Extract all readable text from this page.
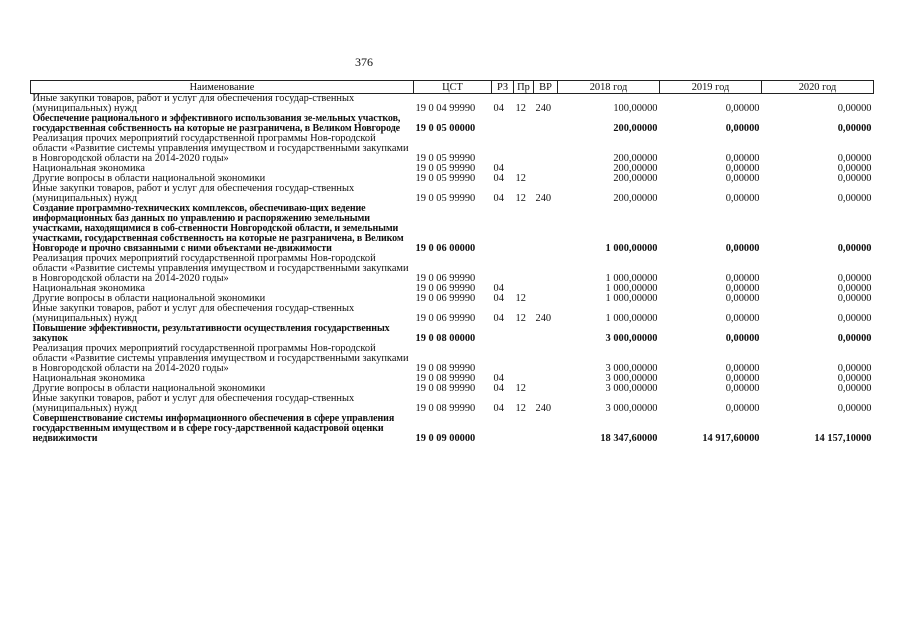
376
Наименование	ЦСТ	РЗ	Пр	ВР	2018 год	2019 год	2020 год
Иные закупки товаров, работ и услуг для обеспечения государ-ственных (муниципальных) нужд	19 0 04 99990	04	12	240	100,00000	0,00000	0,00000
Обеспечение рационального и эффективного использования зе-мельных участков, государственная собственность на которые не разграничена, в Великом Новгороде	19 0 05 00000				200,00000	0,00000	0,00000
Реализация прочих мероприятий государственной программы Нов-городской области «Развитие системы управления имуществом и государственными закупками в Новгородской области на 2014-2020 годы»	19 0 05 99990				200,00000	0,00000	0,00000
Национальная экономика	19 0 05 99990	04			200,00000	0,00000	0,00000
Другие вопросы в области национальной экономики	19 0 05 99990	04	12		200,00000	0,00000	0,00000
Иные закупки товаров, работ и услуг для обеспечения государ-ственных (муниципальных) нужд	19 0 05 99990	04	12	240	200,00000	0,00000	0,00000
Создание программно-технических комплексов, обеспечиваю-щих ведение информационных баз данных по управлению и распоряжению земельными участками, находящимися в соб-ственности Новгородской области, и земельными участками, государственная собственность на которые не разграничена, в Великом Новгороде и прочно связанными с ними объектами не-движимости	19 0 06 00000				1 000,00000	0,00000	0,00000
Реализация прочих мероприятий государственной программы Нов-городской области «Развитие системы управления имуществом и государственными закупками в Новгородской области на 2014-2020 годы»	19 0 06 99990				1 000,00000	0,00000	0,00000
Национальная экономика	19 0 06 99990	04			1 000,00000	0,00000	0,00000
Другие вопросы в области национальной экономики	19 0 06 99990	04	12		1 000,00000	0,00000	0,00000
Иные закупки товаров, работ и услуг для обеспечения государ-ственных (муниципальных) нужд	19 0 06 99990	04	12	240	1 000,00000	0,00000	0,00000
Повышение эффективности, результативности осуществления государственных закупок	19 0 08 00000				3 000,00000	0,00000	0,00000
Реализация прочих мероприятий государственной программы Нов-городской области «Развитие системы управления имуществом и государственными закупками в Новгородской области на 2014-2020 годы»	19 0 08 99990				3 000,00000	0,00000	0,00000
Национальная экономика	19 0 08 99990	04			3 000,00000	0,00000	0,00000
Другие вопросы в области национальной экономики	19 0 08 99990	04	12		3 000,00000	0,00000	0,00000
Иные закупки товаров, работ и услуг для обеспечения государ-ственных (муниципальных) нужд	19 0 08 99990	04	12	240	3 000,00000	0,00000	0,00000
Совершенствование системы информационного обеспечения в сфере управления государственным имуществом и в сфере госу-дарственной кадастровой оценки недвижимости	19 0 09 00000				18 347,60000	14 917,60000	14 157,10000
